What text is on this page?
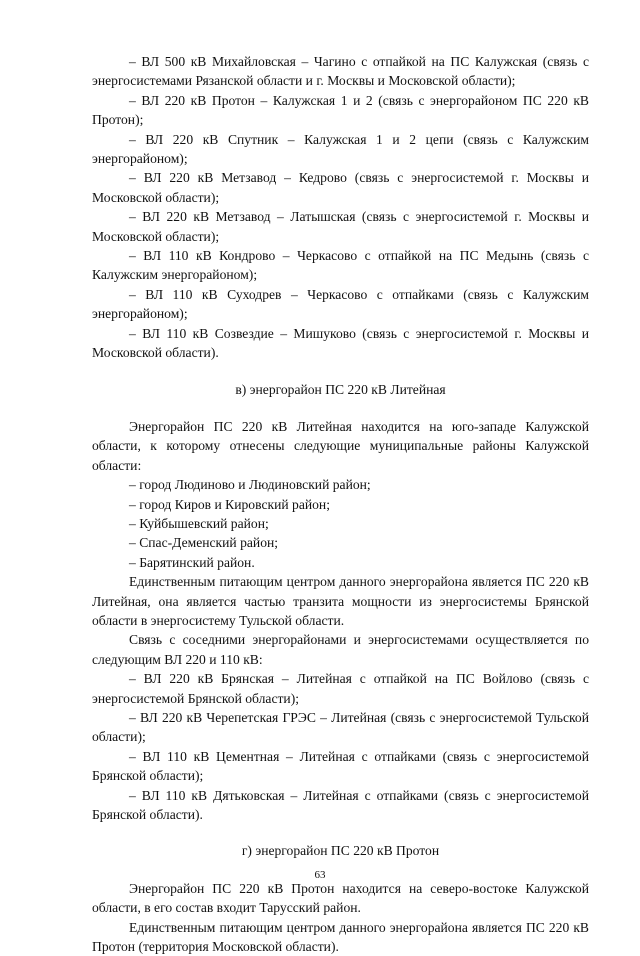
– ВЛ 500 кВ Михайловская – Чагино с отпайкой на ПС Калужская (связь с энергосистемами Рязанской области и г. Москвы и Московской области);

– ВЛ 220 кВ Протон – Калужская 1 и 2 (связь с энергорайоном ПС 220 кВ Протон);

– ВЛ 220 кВ Спутник – Калужская 1 и 2 цепи (связь с Калужским энергорайоном);

– ВЛ 220 кВ Метзавод – Кедрово (связь с энергосистемой г. Москвы и Московской области);

– ВЛ 220 кВ Метзавод – Латышская (связь с энергосистемой г. Москвы и Московской области);

– ВЛ 110 кВ Кондрово – Черкасово с отпайкой на ПС Медынь (связь с Калужским энергорайоном);

– ВЛ 110 кВ Суходрев – Черкасово с отпайками (связь с Калужским энергорайоном);

– ВЛ 110 кВ Созвездие – Мишуково (связь с энергосистемой г. Москвы и Московской области).

в) энергорайон ПС 220 кВ Литейная

Энергорайон ПС 220 кВ Литейная находится на юго-западе Калужской области, к которому отнесены следующие муниципальные районы Калужской области:

– город Людиново и Людиновский район;

– город Киров и Кировский район;

– Куйбышевский район;

– Спас-Деменский район;

– Барятинский район.

Единственным питающим центром данного энергорайона является ПС 220 кВ Литейная, она является частью транзита мощности из энергосистемы Брянской области в энергосистему Тульской области.

Связь с соседними энергорайонами и энергосистемами осуществляется по следующим ВЛ 220 и 110 кВ:

– ВЛ 220 кВ Брянская – Литейная с отпайкой на ПС Войлово (связь с энергосистемой Брянской области);

– ВЛ 220 кВ Черепетская ГРЭС – Литейная (связь с энергосистемой Тульской области);

– ВЛ 110 кВ Цементная – Литейная с отпайками (связь с энергосистемой Брянской области);

– ВЛ 110 кВ Дятьковская – Литейная с отпайками (связь с энергосистемой Брянской области).

г) энергорайон ПС 220 кВ Протон

Энергорайон ПС 220 кВ Протон находится на северо-востоке Калужской области, в его состав входит Тарусский район.

Единственным питающим центром данного энергорайона является ПС 220 кВ Протон (территория Московской области).

63
